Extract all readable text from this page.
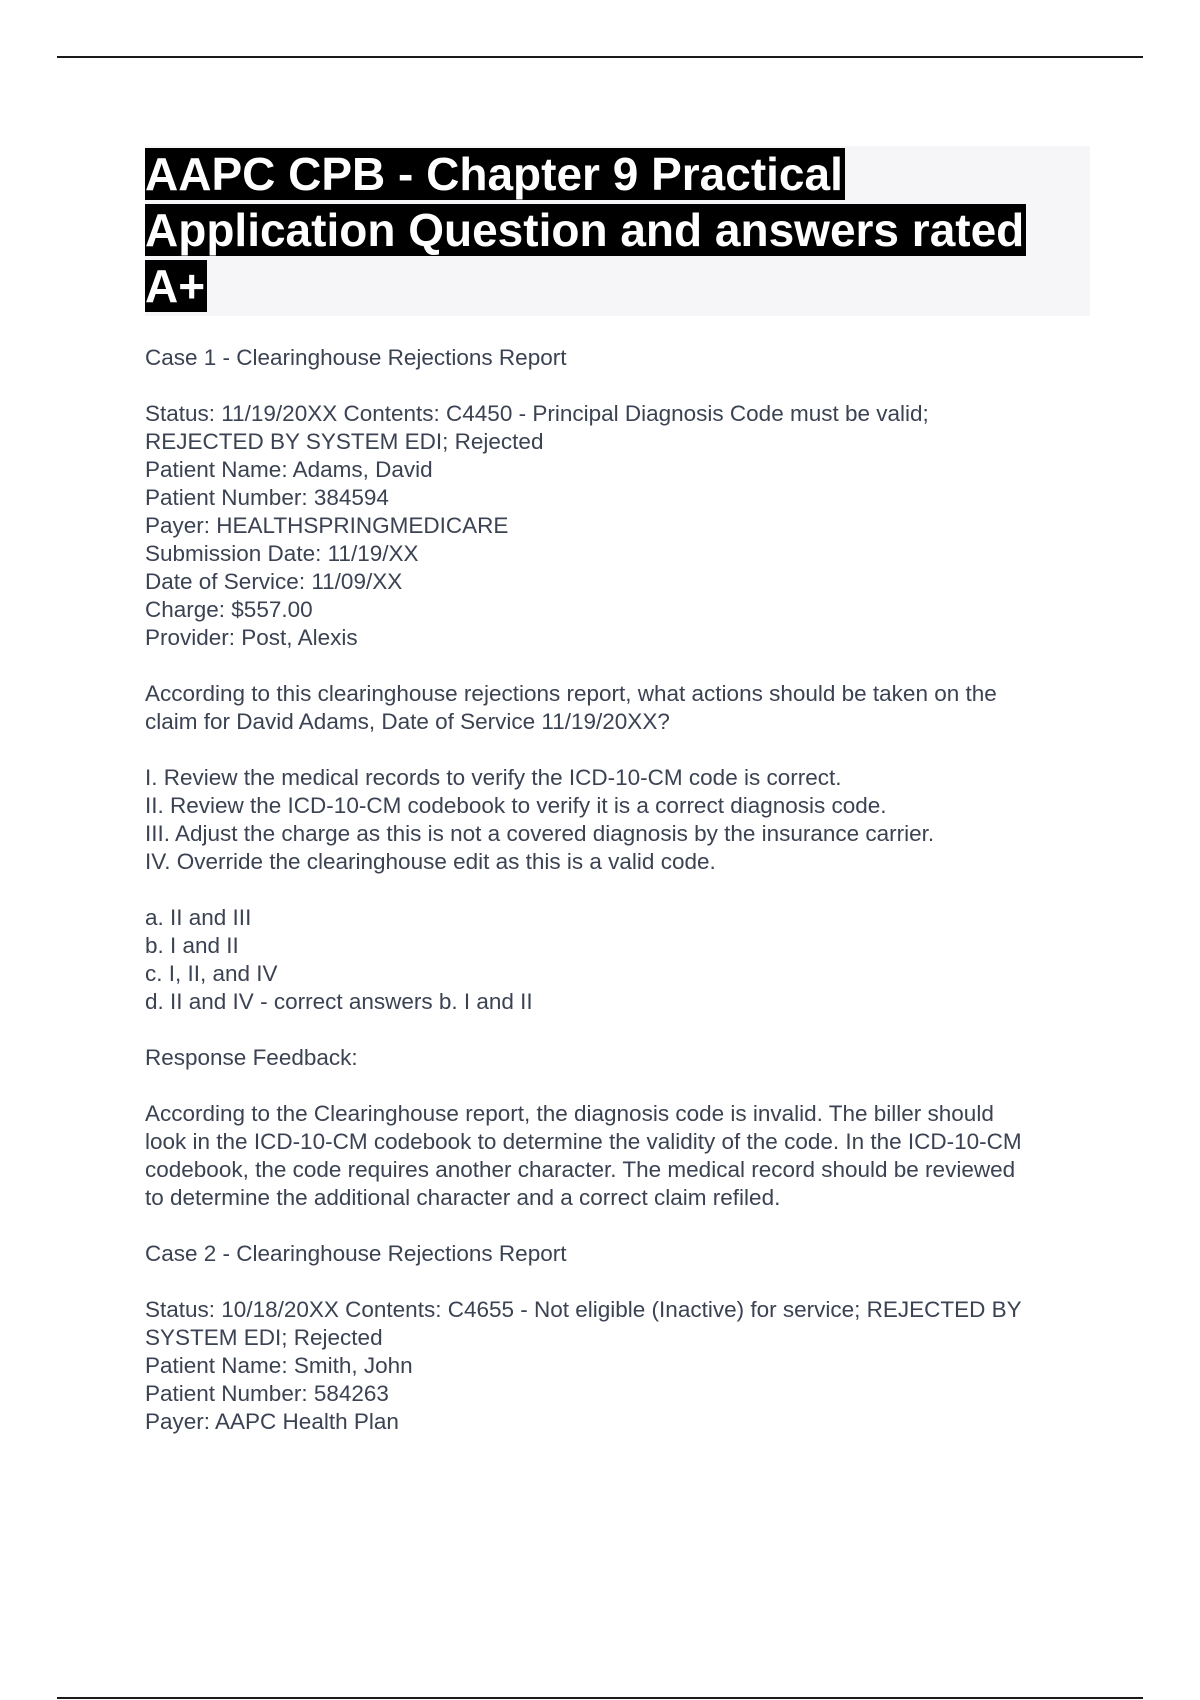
AAPC CPB - Chapter 9 Practical
Application Question and answers rated
A+

Case 1 - Clearinghouse Rejections Report

Status: 11/19/20XX Contents: C4450 - Principal Diagnosis Code must be valid;
REJECTED BY SYSTEM EDI; Rejected
Patient Name: Adams, David
Patient Number: 384594
Payer: HEALTHSPRINGMEDICARE
Submission Date: 11/19/XX
Date of Service: 11/09/XX
Charge: $557.00
Provider: Post, Alexis
According to this clearinghouse rejections report, what actions should be taken on the
claim for David Adams, Date of Service 11/19/20XX?
I. Review the medical records to verify the ICD-10-CM code is correct.
II. Review the ICD-10-CM codebook to verify it is a correct diagnosis code.
III. Adjust the charge as this is not a covered diagnosis by the insurance carrier.
IV. Override the clearinghouse edit as this is a valid code.
a. II and III
b. I and II
c. I, II, and IV
d. II and IV - correct answers b. I and II

Response Feedback:

According to the Clearinghouse report, the diagnosis code is invalid. The biller should
look in the ICD-10-CM codebook to determine the validity of the code. In the ICD-10-CM
codebook, the code requires another character. The medical record should be reviewed
to determine the additional character and a correct claim refiled.

Case 2 - Clearinghouse Rejections Report

Status: 10/18/20XX Contents: C4655 - Not eligible (Inactive) for service; REJECTED BY
SYSTEM EDI; Rejected
Patient Name: Smith, John
Patient Number: 584263
Payer: AAPC Health Plan
